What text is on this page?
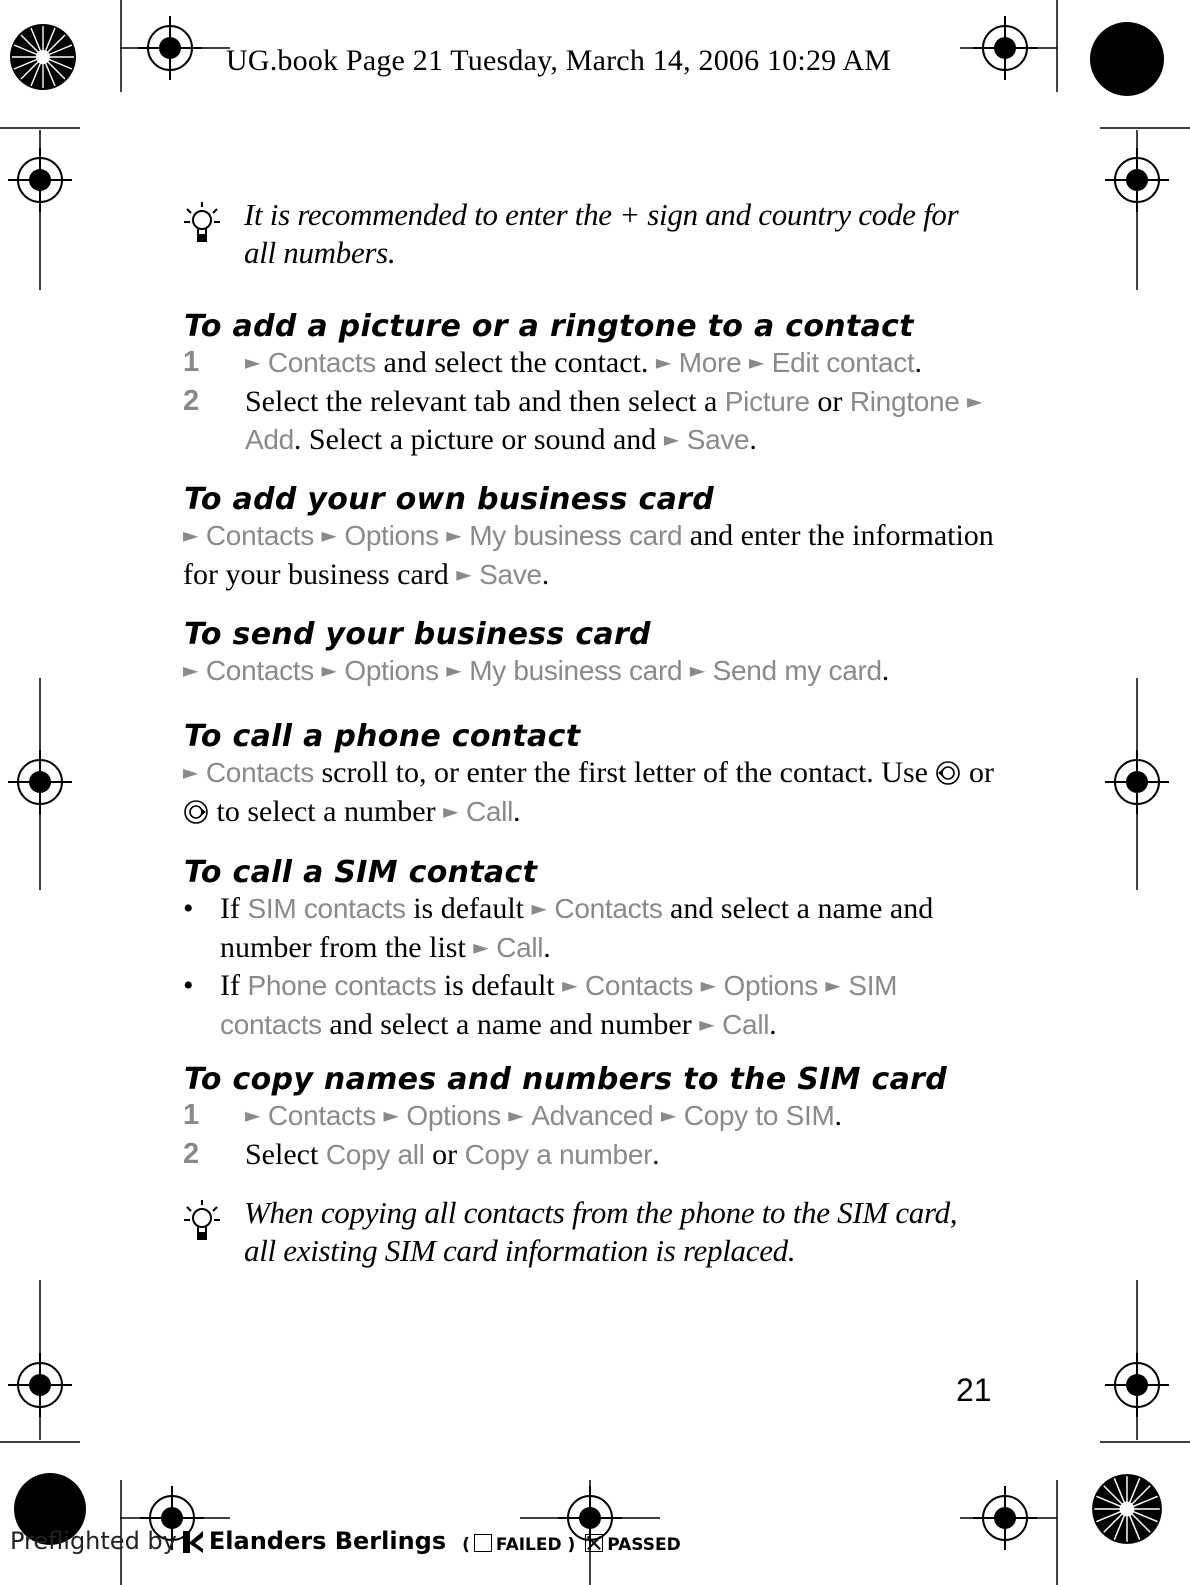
UG.book Page 21 Tuesday, March 14, 2006 10:29 AM
It is recommended to enter the + sign and country code for all numbers.
To add a picture or a ringtone to a contact
1 ► Contacts and select the contact. ► More ► Edit contact.
2 Select the relevant tab and then select a Picture or Ringtone ► Add. Select a picture or sound and ► Save.
To add your own business card
► Contacts ► Options ► My business card and enter the information for your business card ► Save.
To send your business card
► Contacts ► Options ► My business card ► Send my card.
To call a phone contact
► Contacts scroll to, or enter the first letter of the contact. Use  or  to select a number ► Call.
To call a SIM contact
• If SIM contacts is default ► Contacts and select a name and number from the list ► Call.
• If Phone contacts is default ► Contacts ► Options ► SIM contacts and select a name and number ► Call.
To copy names and numbers to the SIM card
1 ► Contacts ► Options ► Advanced ► Copy to SIM.
2 Select Copy all or Copy a number.
When copying all contacts from the phone to the SIM card, all existing SIM card information is replaced.
21
Preflighted by Elanders Berlings ( FAILED ) PASSED
